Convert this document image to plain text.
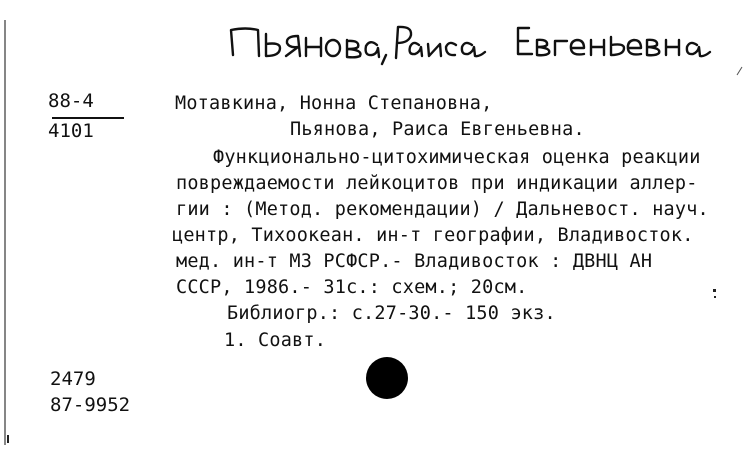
88-4
4101
Мотавкина, Нонна Степановна,
Пьянова, Раиса Евгеньевна.
Функционально-цитохимическая оценка реакции
повреждаемости лейкоцитов при индикации аллер-
гии : (Метод. рекомендации) / Дальневост. науч.
центр, Тихоокеан. ин-т географии, Владивосток.
мед. ин-т МЗ РСФСР.- Владивосток : ДВНЦ АН
СССР, 1986.- 31с.: схем.; 20см.
Библиогр.: с.27-30.- 150 экз.
1. Соавт.
2479
87-9952
